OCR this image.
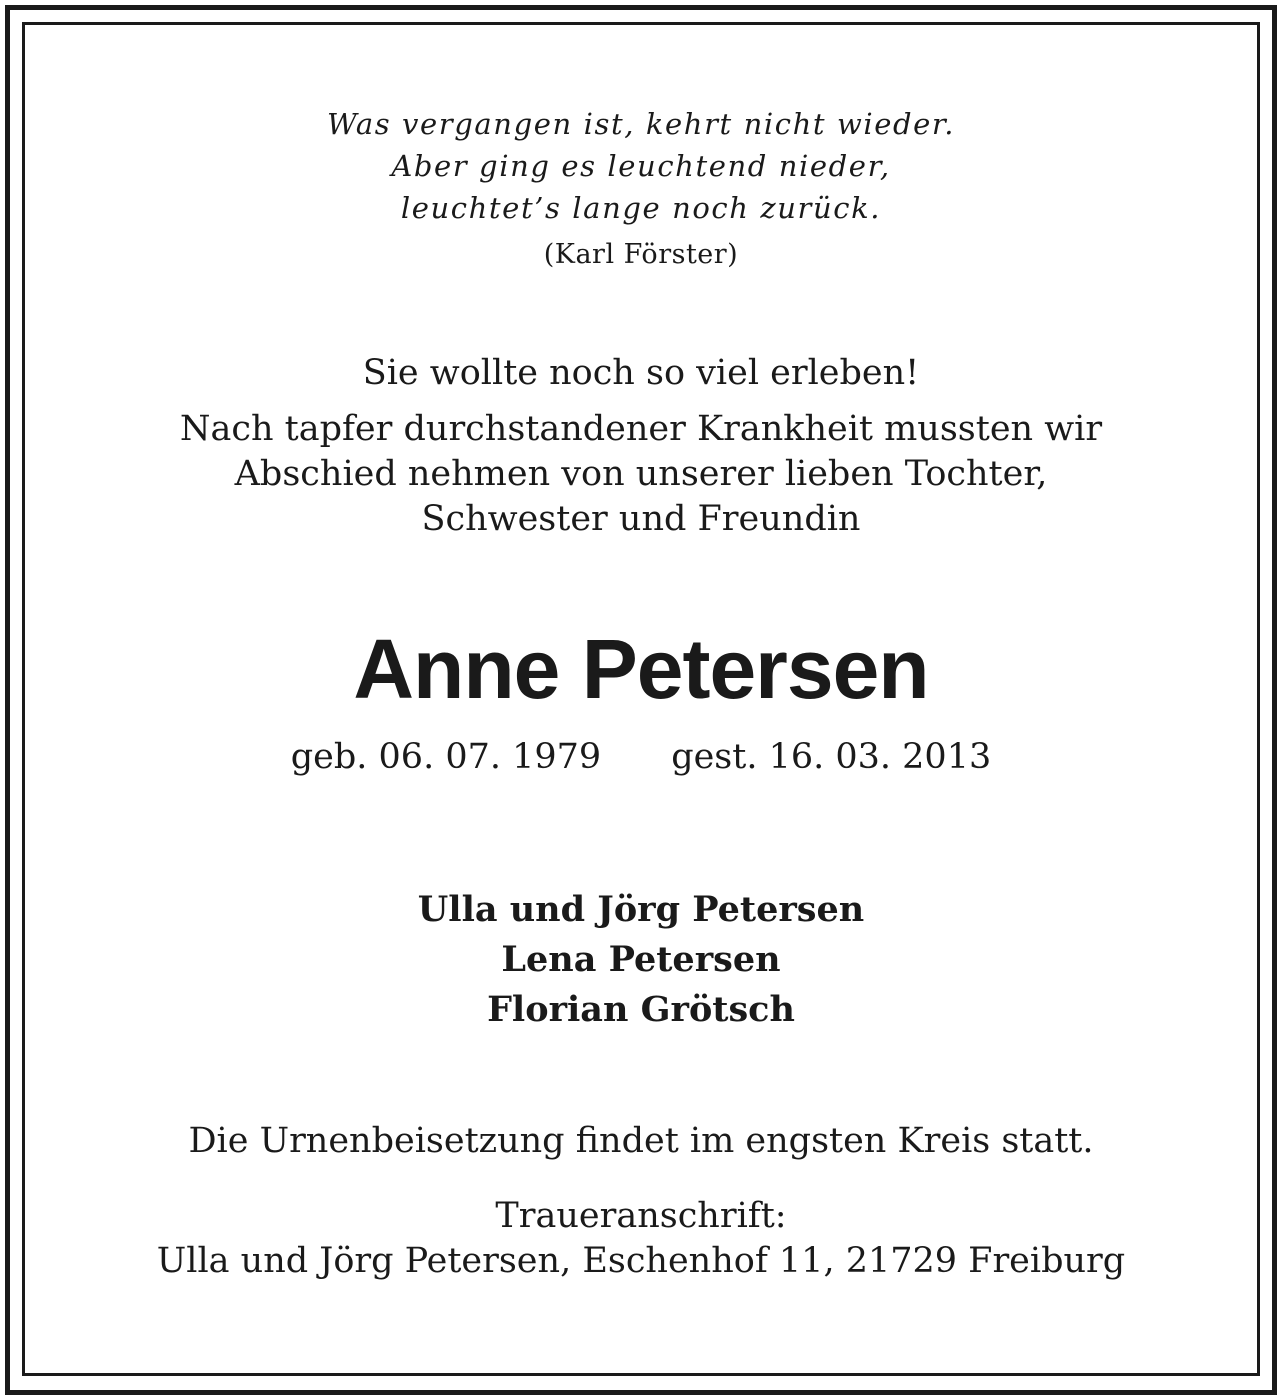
Was vergangen ist, kehrt nicht wieder.
Aber ging es leuchtend nieder,
leuchtet’s lange noch zurück.
(Karl Förster)
Sie wollte noch so viel erleben!
Nach tapfer durchstandener Krankheit mussten wir
Abschied nehmen von unserer lieben Tochter,
Schwester und Freundin
Anne Petersen
geb. 06. 07. 1979 gest. 16. 03. 2013
Ulla und Jörg Petersen
Lena Petersen
Florian Grötsch
Die Urnenbeisetzung findet im engsten Kreis statt.
Traueranschrift:
Ulla und Jörg Petersen, Eschenhof 11, 21729 Freiburg
